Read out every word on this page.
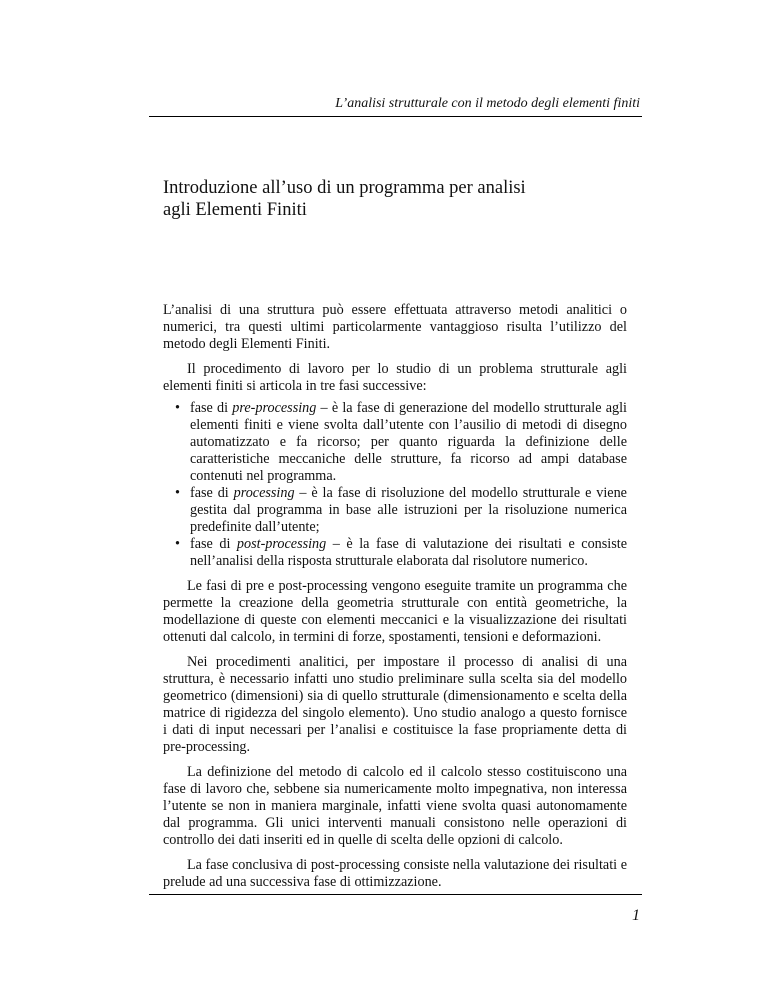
L’analisi strutturale con il metodo degli elementi finiti
Introduzione all’uso di un programma per analisi
agli Elementi Finiti

L’analisi di una struttura può essere effettuata attraverso metodi analitici o numerici, tra questi ultimi particolarmente vantaggioso risulta l’utilizzo del metodo degli Elementi Finiti.

Il procedimento di lavoro per lo studio di un problema strutturale agli elementi finiti si articola in tre fasi successive:

• fase di pre-processing – è la fase di generazione del modello strutturale agli elementi finiti e viene svolta dall’utente con l’ausilio di metodi di disegno automatizzato e fa ricorso; per quanto riguarda la definizione delle caratteristiche meccaniche delle strutture, fa ricorso ad ampi database contenuti nel programma.
• fase di processing – è la fase di risoluzione del modello strutturale e viene gestita dal programma in base alle istruzioni per la risoluzione numerica predefinite dall’utente;
• fase di post-processing – è la fase di valutazione dei risultati e consiste nell’analisi della risposta strutturale elaborata dal risolutore numerico.

Le fasi di pre e post-processing vengono eseguite tramite un programma che permette la creazione della geometria strutturale con entità geometriche, la modellazione di queste con elementi meccanici e la visualizzazione dei risultati ottenuti dal calcolo, in termini di forze, spostamenti, tensioni e deformazioni.

Nei procedimenti analitici, per impostare il processo di analisi di una struttura, è necessario infatti uno studio preliminare sulla scelta sia del modello geometrico (dimensioni) sia di quello strutturale (dimensionamento e scelta della matrice di rigidezza del singolo elemento). Uno studio analogo a questo fornisce i dati di input necessari per l’analisi e costituisce la fase propriamente detta di pre-processing.

La definizione del metodo di calcolo ed il calcolo stesso costituiscono una fase di lavoro che, sebbene sia numericamente molto impegnativa, non interessa l’utente se non in maniera marginale, infatti viene svolta quasi autonomamente dal programma. Gli unici interventi manuali consistono nelle operazioni di controllo dei dati inseriti ed in quelle di scelta delle opzioni di calcolo.

La fase conclusiva di post-processing consiste nella valutazione dei risultati e prelude ad una successiva fase di ottimizzazione.

1
